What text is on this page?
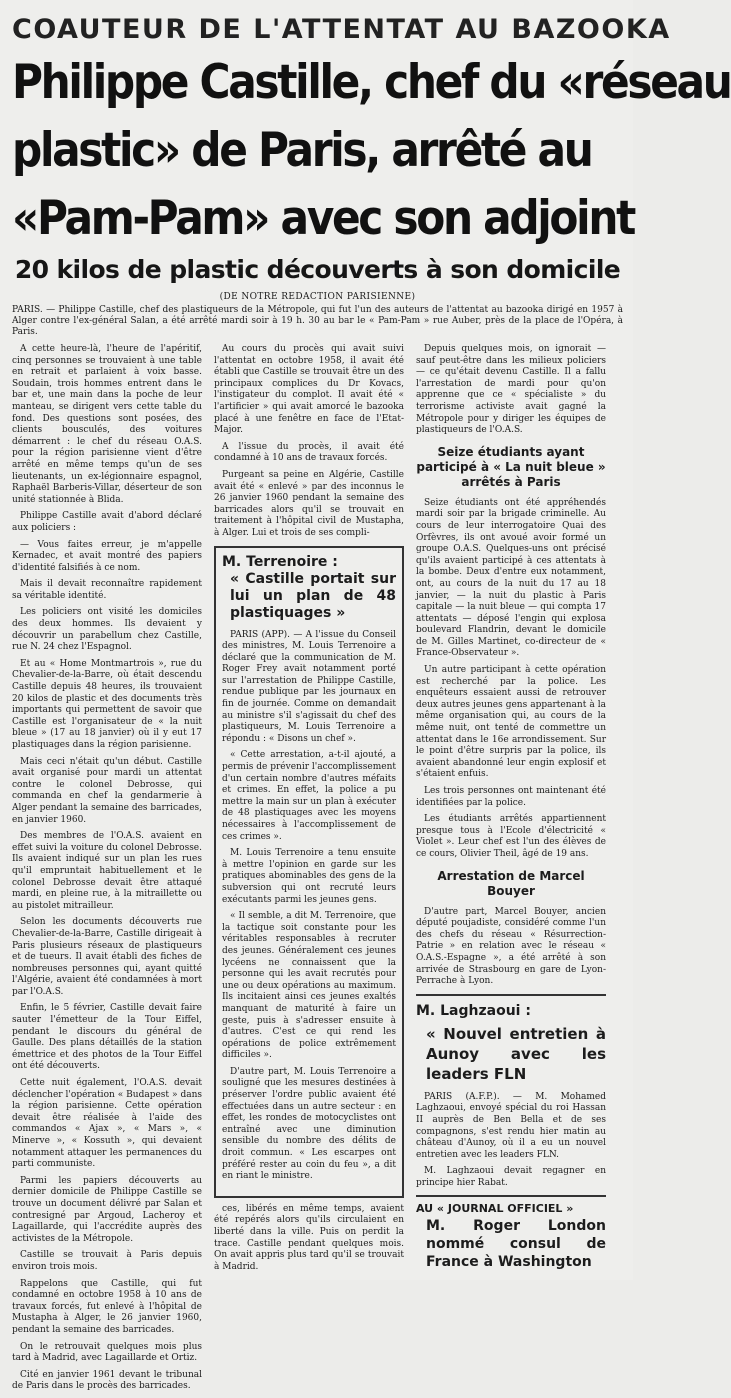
COAUTEUR DE L'ATTENTAT AU BAZOOKA
Philippe Castille, chef du «réseau
plastic» de Paris, arrêté au
«Pam-Pam» avec son adjoint
20 kilos de plastic découverts à son domicile
(DE NOTRE REDACTION PARISIENNE)

PARIS. — Philippe Castille, chef des plastiqueurs de la Métropole, qui fut l'un des auteurs de l'attentat au bazooka dirigé en 1957 à Alger contre l'ex-général Salan, a été arrêté mardi soir à 19 h. 30 au bar le « Pam-Pam » rue Auber, près de la place de l'Opéra, à Paris.

A cette heure-là, l'heure de l'apéritif, cinq personnes se trouvaient à une table en retrait et parlaient à voix basse. Soudain, trois hommes entrent dans le bar et, une main dans la poche de leur manteau, se dirigent vers cette table du fond. Des questions sont posées, des clients bousculés, des voitures démarrent : le chef du réseau O.A.S. pour la région parisienne vient d'être arrêté en même temps qu'un de ses lieutenants, un ex-légionnaire espagnol, Raphaël Barberis-Villar, déserteur de son unité stationnée à Blida.

Philippe Castille avait d'abord déclaré aux policiers :

— Vous faites erreur, je m'appelle Kernadec, et avait montré des papiers d'identité falsifiés à ce nom.

Mais il devait reconnaître rapidement sa véritable identité.

Les policiers ont visité les domiciles des deux hommes. Ils devaient y découvrir un parabellum chez Castille, rue N. 24 chez l'Espagnol.

Et au « Home Montmartrois », rue du Chevalier-de-la-Barre, où était descendu Castille depuis 48 heures, ils trouvaient 20 kilos de plastic et des documents très importants qui permettent de savoir que Castille est l'organisateur de « la nuit bleue » (17 au 18 janvier) où il y eut 17 plastiquages dans la région parisienne.

Mais ceci n'était qu'un début. Castille avait organisé pour mardi un attentat contre le colonel Debrosse, qui commanda en chef la gendarmerie à Alger pendant la semaine des barricades, en janvier 1960.

Des membres de l'O.A.S. avaient en effet suivi la voiture du colonel Debrosse. Ils avaient indiqué sur un plan les rues qu'il empruntait habituellement et le colonel Debrosse devait être attaqué mardi, en pleine rue, à la mitraillette ou au pistolet mitrailleur.

Selon les documents découverts rue Chevalier-de-la-Barre, Castille dirigeait à Paris plusieurs réseaux de plastiqueurs et de tueurs. Il avait établi des fiches de nombreuses personnes qui, ayant quitté l'Algérie, avaient été condamnées à mort par l'O.A.S.

Enfin, le 5 février, Castille devait faire sauter l'émetteur de la Tour Eiffel, pendant le discours du général de Gaulle. Des plans détaillés de la station émettrice et des photos de la Tour Eiffel ont été découverts.

Cette nuit également, l'O.A.S. devait déclencher l'opération « Budapest » dans la région parisienne. Cette opération devait être réalisée à l'aide des commandos « Ajax », « Mars », « Minerve », « Kossuth », qui devaient notamment attaquer les permanences du parti communiste.

Parmi les papiers découverts au dernier domicile de Philippe Castille se trouve un document délivré par Salan et contresigné par Argoud, Lacheroy et Lagaillarde, qui l'accrédite auprès des activistes de la Métropole.

Castille se trouvait à Paris depuis environ trois mois.

Rappelons que Castille, qui fut condamné en octobre 1958 à 10 ans de travaux forcés, fut enlevé à l'hôpital de Mustapha à Alger, le 26 janvier 1960, pendant la semaine des barricades.

On le retrouvait quelques mois plus tard à Madrid, avec Lagaillarde et Ortiz.

Cité en janvier 1961 devant le tribunal de Paris dans le procès des barricades.

Au cours du procès qui avait suivi l'attentat en octobre 1958, il avait été établi que Castille se trouvait être un des principaux complices du Dr Kovacs, l'instigateur du complot. Il avait été « l'artificier » qui avait amorcé le bazooka placé à une fenêtre en face de l'Etat-Major.

A l'issue du procès, il avait été condamné à 10 ans de travaux forcés.

Purgeant sa peine en Algérie, Castille avait été « enlevé » par des inconnus le 26 janvier 1960 pendant la semaine des barricades alors qu'il se trouvait en traitement à l'hôpital civil de Mustapha, à Alger. Lui et trois de ses compli-

M. Terrenoire :
« Castille portait sur lui un plan de 48 plastiquages »

PARIS (APP). — A l'issue du Conseil des ministres, M. Louis Terrenoire a déclaré que la communication de M. Roger Frey avait notamment porté sur l'arrestation de Philippe Castille, rendue publique par les journaux en fin de journée. Comme on demandait au ministre s'il s'agissait du chef des plastiqueurs, M. Louis Terrenoire a répondu : « Disons un chef ».

« Cette arrestation, a-t-il ajouté, a permis de prévenir l'accomplissement d'un certain nombre d'autres méfaits et crimes. En effet, la police a pu mettre la main sur un plan à exécuter de 48 plastiquages avec les moyens nécessaires à l'accomplissement de ces crimes ».

M. Louis Terrenoire a tenu ensuite à mettre l'opinion en garde sur les pratiques abominables des gens de la subversion qui ont recruté leurs exécutants parmi les jeunes gens.

« Il semble, a dit M. Terrenoire, que la tactique soit constante pour les véritables responsables à recruter des jeunes. Généralement ces jeunes lycéens ne connaissent que la personne qui les avait recrutés pour une ou deux opérations au maximum. Ils incitaient ainsi ces jeunes exaltés manquant de maturité à faire un geste, puis à s'adresser ensuite à d'autres. C'est ce qui rend les opérations de police extrêmement difficiles ».

D'autre part, M. Louis Terrenoire a souligné que les mesures destinées à préserver l'ordre public avaient été effectuées dans un autre secteur : en effet, les rondes de motocyclistes ont entraîné avec une diminution sensible du nombre des délits de droit commun. « Les escarpes ont préféré rester au coin du feu », a dit en riant le ministre.

ces, libérés en même temps, avaient été repérés alors qu'ils circulaient en liberté dans la ville. Puis on perdit la trace. Castille pendant quelques mois. On avait appris plus tard qu'il se trouvait à Madrid.

Depuis quelques mois, on ignorait — sauf peut-être dans les milieux policiers — ce qu'était devenu Castille. Il a fallu l'arrestation de mardi pour qu'on apprenne que ce « spécialiste » du terrorisme activiste avait gagné la Métropole pour y diriger les équipes de plastiqueurs de l'O.A.S.

Seize étudiants ayant participé à « La nuit bleue » arrêtés à Paris

Seize étudiants ont été appréhendés mardi soir par la brigade criminelle. Au cours de leur interrogatoire Quai des Orfèvres, ils ont avoué avoir formé un groupe O.A.S. Quelques-uns ont précisé qu'ils avaient participé à ces attentats à la bombe. Deux d'entre eux notamment, ont, au cours de la nuit du 17 au 18 janvier, — la nuit du plastic à Paris capitale — la nuit bleue — qui compta 17 attentats — déposé l'engin qui explosa boulevard Flandrin, devant le domicile de M. Gilles Martinet, co-directeur de « France-Observateur ».

Un autre participant à cette opération est recherché par la police. Les enquêteurs essaient aussi de retrouver deux autres jeunes gens appartenant à la même organisation qui, au cours de la même nuit, ont tenté de commettre un attentat dans le 16e arrondissement. Sur le point d'être surpris par la police, ils avaient abandonné leur engin explosif et s'étaient enfuis.

Les trois personnes ont maintenant été identifiées par la police.

Les étudiants arrêtés appartiennent presque tous à l'Ecole d'électricité « Violet ». Leur chef est l'un des élèves de ce cours, Olivier Theil, âgé de 19 ans.

Arrestation de Marcel Bouyer

D'autre part, Marcel Bouyer, ancien député poujadiste, considéré comme l'un des chefs du réseau « Résurrection-Patrie » en relation avec le réseau « O.A.S.-Espagne », a été arrêté à son arrivée de Strasbourg en gare de Lyon-Perrache à Lyon.

M. Laghzaoui :
« Nouvel entretien à Aunoy avec les leaders FLN

PARIS (A.F.P.). — M. Mohamed Laghzaoui, envoyé spécial du roi Hassan II auprès de Ben Bella et de ses compagnons, s'est rendu hier matin au château d'Aunoy, où il a eu un nouvel entretien avec les leaders FLN.

M. Laghzaoui devait regagner en principe hier Rabat.

AU « JOURNAL OFFICIEL »
M. Roger London nommé consul de France à Washington
